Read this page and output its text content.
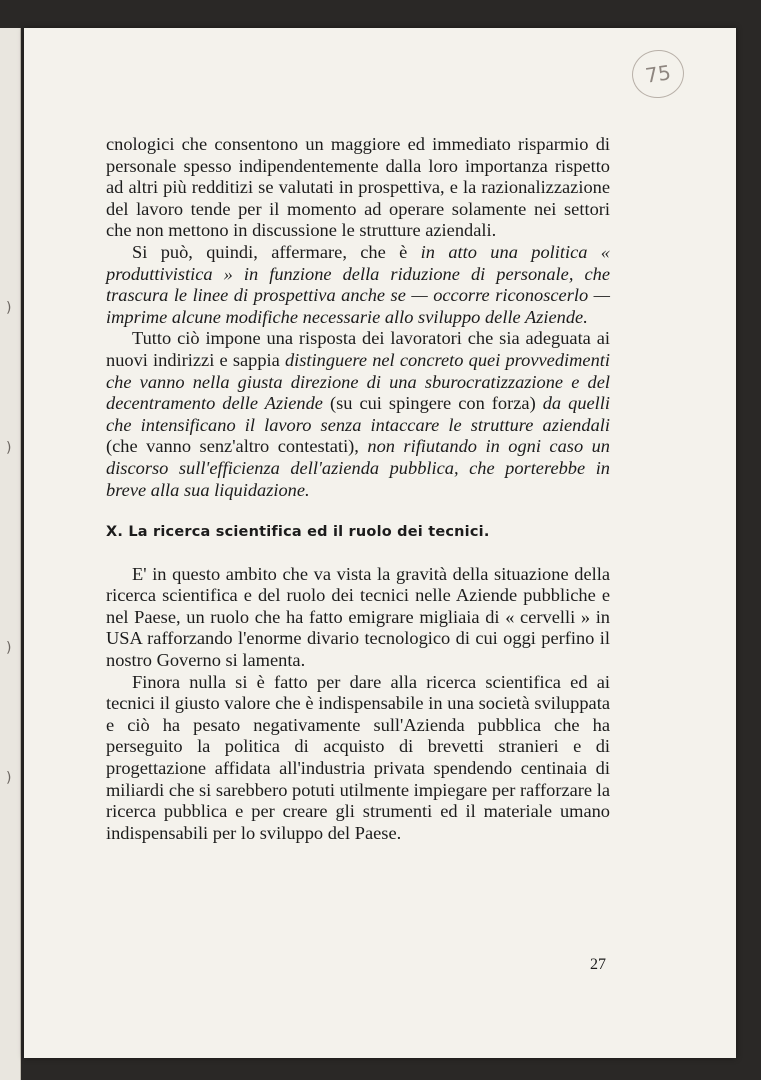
)
)
)
)
75

cnologici che consentono un maggiore ed immediato risparmio di personale spesso indipendentemente dalla loro importanza rispetto ad altri più redditizi se valutati in prospettiva, e la razionalizzazione del lavoro tende per il momento ad operare solamente nei settori che non mettono in discussione le strutture aziendali.

Si può, quindi, affermare, che è in atto una politica « produttivistica » in funzione della riduzione di personale, che trascura le linee di prospettiva anche se — occorre riconoscerlo — imprime alcune modifiche necessarie allo sviluppo delle Aziende.

Tutto ciò impone una risposta dei lavoratori che sia adeguata ai nuovi indirizzi e sappia distinguere nel concreto quei provvedimenti che vanno nella giusta direzione di una sburocratizzazione e del decentramento delle Aziende (su cui spingere con forza) da quelli che intensificano il lavoro senza intaccare le strutture aziendali (che vanno senz'altro contestati), non rifiutando in ogni caso un discorso sull'efficienza dell'azienda pubblica, che porterebbe in breve alla sua liquidazione.

X. La ricerca scientifica ed il ruolo dei tecnici.

E' in questo ambito che va vista la gravità della situazione della ricerca scientifica e del ruolo dei tecnici nelle Aziende pubbliche e nel Paese, un ruolo che ha fatto emigrare migliaia di « cervelli » in USA rafforzando l'enorme divario tecnologico di cui oggi perfino il nostro Governo si lamenta.

Finora nulla si è fatto per dare alla ricerca scientifica ed ai tecnici il giusto valore che è indispensabile in una società sviluppata e ciò ha pesato negativamente sull'Azienda pubblica che ha perseguito la politica di acquisto di brevetti stranieri e di progettazione affidata all'industria privata spendendo centinaia di miliardi che si sarebbero potuti utilmente impiegare per rafforzare la ricerca pubblica e per creare gli strumenti ed il materiale umano indispensabili per lo sviluppo del Paese.

27
